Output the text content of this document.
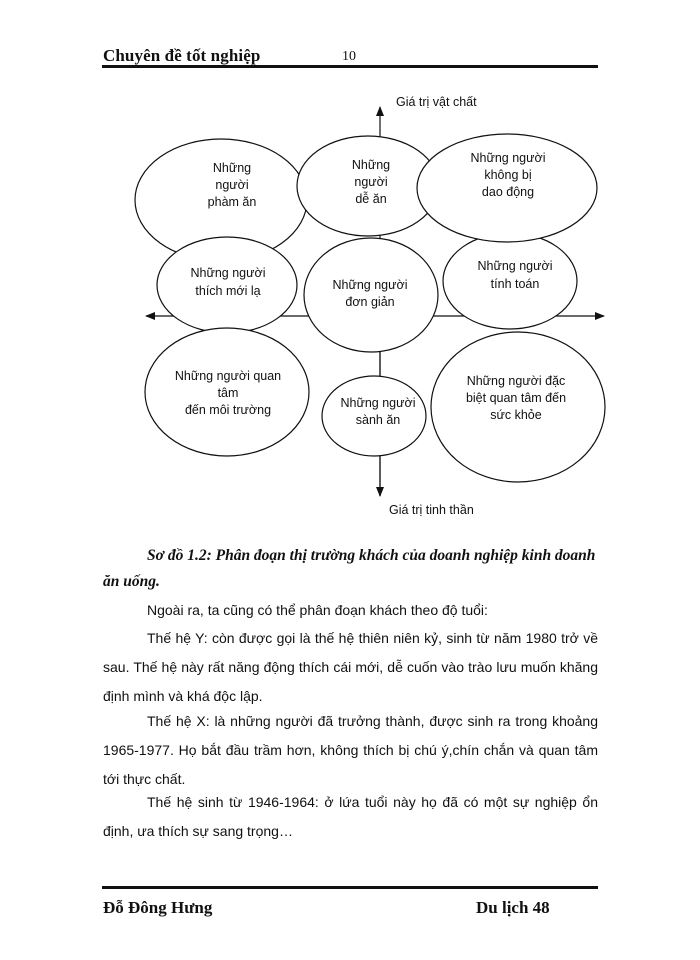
Chuyên đề tốt nghiệp	10
Giá trị vật chất
Giá trị tinh thần
Những
người
phàm ăn
Những
người
dễ ăn
Những người
không bị
dao động
Những người
thích mới lạ	Những người
đơn giản
Những người
tính toán
Những người quan
tâm
đến môi trường	Những người
sành ăn
Những người đặc
biệt quan tâm đến
sức khỏe
Sơ đồ 1.2: Phân đoạn thị trường khách của doanh nghiệp kinh doanh ăn uống.

Ngoài ra, ta cũng có thể phân đoạn khách theo độ tuổi:

Thế hệ Y: còn được gọi là thế hệ thiên niên kỷ, sinh từ năm 1980 trở về sau. Thế hệ này rất năng động thích cái mới, dễ cuốn vào trào lưu muốn khăng định mình và khá độc lập.

Thế hệ X: là những người đã trưởng thành, được sinh ra trong khoảng 1965-1977. Họ bắt đầu trầm hơn, không thích bị chú ý,chín chắn và quan tâm tới thực chất.

Thế hệ sinh từ 1946-1964: ở lứa tuổi này họ đã có một sự nghiệp ổn định, ưa thích sự sang trọng…

Đỗ Đông Hưng	Du lịch 48
